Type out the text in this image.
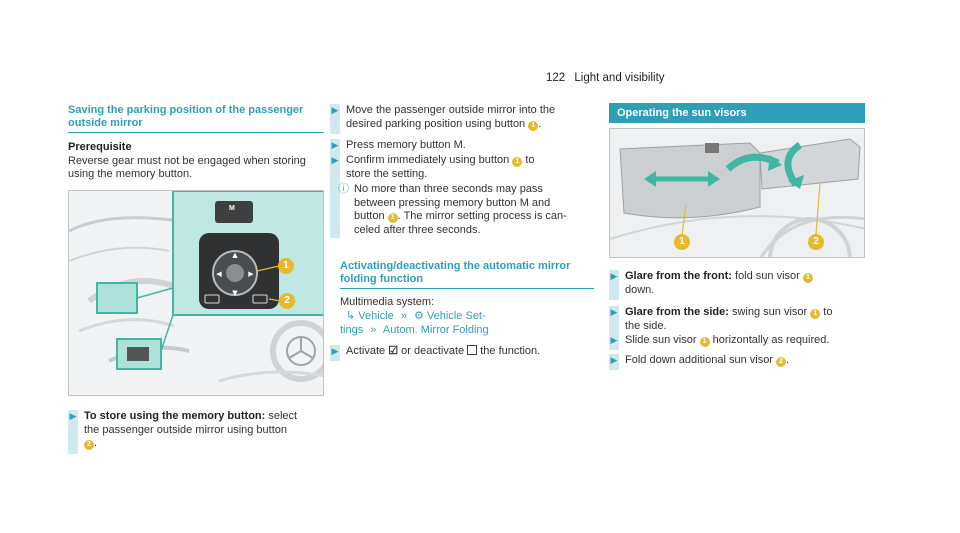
122 Light and visibility
Saving the parking position of the passenger
outside mirror
Prerequisite
Reverse gear must not be engaged when storing
using the memory button.
▲
▼
◀	▶
M
1
2
▶ To store using the memory button: select
the passenger outside mirror using button
2 .
▶ Move the passenger outside mirror into the
desired parking position using button 1 .
▶ Press memory button M.
▶ Confirm immediately using button 1 to
store the setting.
ⓘ No more than three seconds may pass
between pressing memory button M and
button 1 . The mirror setting process is can-
celed after three seconds.
Activating/deactivating the automatic mirror
folding function
Multimedia system:
↳ Vehicle » ⚙ Vehicle Set-
tings » Autom. Mirror Folding
▶ Activate ☑ or deactivate  the function.
Operating the sun visors
1	2
▶ Glare from the front: fold sun visor 1
down.
▶ Glare from the side: swing sun visor 1 to
the side.
▶ Slide sun visor 1 horizontally as required.
▶ Fold down additional sun visor 2 .
